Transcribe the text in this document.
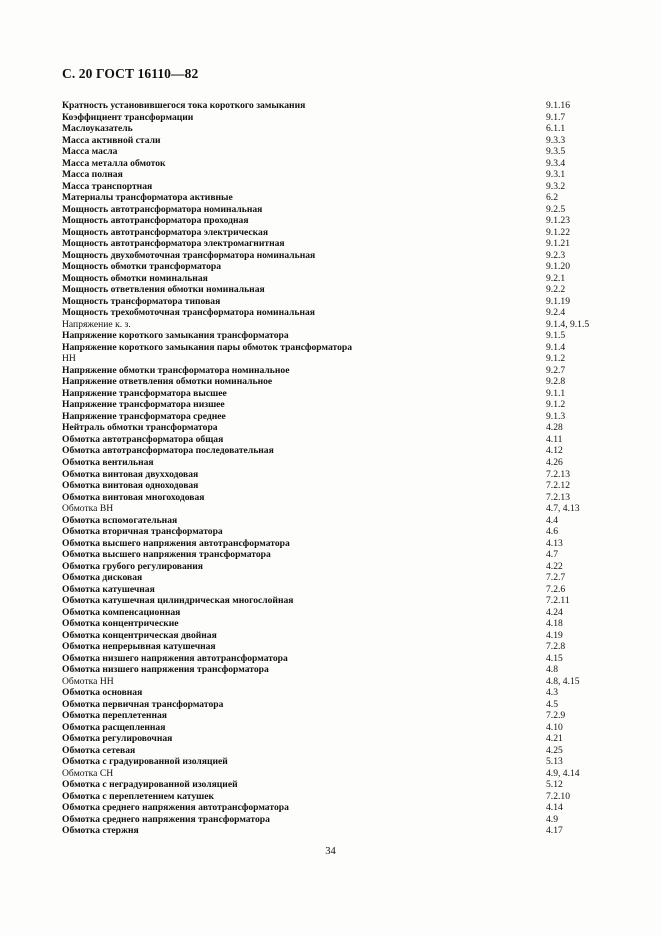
С. 20 ГОСТ 16110—82
Кратность установившегося тока короткого замыкания	9.1.16
Коэффициент трансформации	9.1.7
Маслоуказатель	6.1.1
Масса активной стали	9.3.3
Масса масла	9.3.5
Масса металла обмоток	9.3.4
Масса полная	9.3.1
Масса транспортная	9.3.2
Материалы трансформатора активные	6.2
Мощность автотрансформатора номинальная	9.2.5
Мощность автотрансформатора проходная	9.1.23
Мощность автотрансформатора электрическая	9.1.22
Мощность автотрансформатора электромагнитная	9.1.21
Мощность двухобмоточная трансформатора номинальная	9.2.3
Мощность обмотки трансформатора	9.1.20
Мощность обмотки номинальная	9.2.1
Мощность ответвления обмотки номинальная	9.2.2
Мощность трансформатора типовая	9.1.19
Мощность трехобмоточная трансформатора номинальная	9.2.4
Напряжение к. з.	9.1.4, 9.1.5
Напряжение короткого замыкания трансформатора	9.1.5
Напряжение короткого замыкания пары обмоток трансформатора	9.1.4
НН	9.1.2
Напряжение обмотки трансформатора номинальное	9.2.7
Напряжение ответвления обмотки номинальное	9.2.8
Напряжение трансформатора высшее	9.1.1
Напряжение трансформатора низшее	9.1.2
Напряжение трансформатора среднее	9.1.3
Нейтраль обмотки трансформатора	4.28
Обмотка автотрансформатора общая	4.11
Обмотка автотрансформатора последовательная	4.12
Обмотка вентильная	4.26
Обмотка винтовая двухходовая	7.2.13
Обмотка винтовая одноходовая	7.2.12
Обмотка винтовая многоходовая	7.2.13
Обмотка ВН	4.7, 4.13
Обмотка вспомогательная	4.4
Обмотка вторичная трансформатора	4.6
Обмотка высшего напряжения автотрансформатора	4.13
Обмотка высшего напряжения трансформатора	4.7
Обмотка грубого регулирования	4.22
Обмотка дисковая	7.2.7
Обмотка катушечная	7.2.6
Обмотка катушечная цилиндрическая многослойная	7.2.11
Обмотка компенсационная	4.24
Обмотка концентрические	4.18
Обмотка концентрическая двойная	4.19
Обмотка непрерывная катушечная	7.2.8
Обмотка низшего напряжения автотрансформатора	4.15
Обмотка низшего напряжения трансформатора	4.8
Обмотка НН	4.8, 4.15
Обмотка основная	4.3
Обмотка первичная трансформатора	4.5
Обмотка переплетенная	7.2.9
Обмотка расщепленная	4.10
Обмотка регулировочная	4.21
Обмотка сетевая	4.25
Обмотка с градуированной изоляцией	5.13
Обмотка СН	4.9, 4.14
Обмотка с неградуированной изоляцией	5.12
Обмотка с переплетением катушек	7.2.10
Обмотка среднего напряжения автотрансформатора	4.14
Обмотка среднего напряжения трансформатора	4.9
Обмотка стержня	4.17
34
